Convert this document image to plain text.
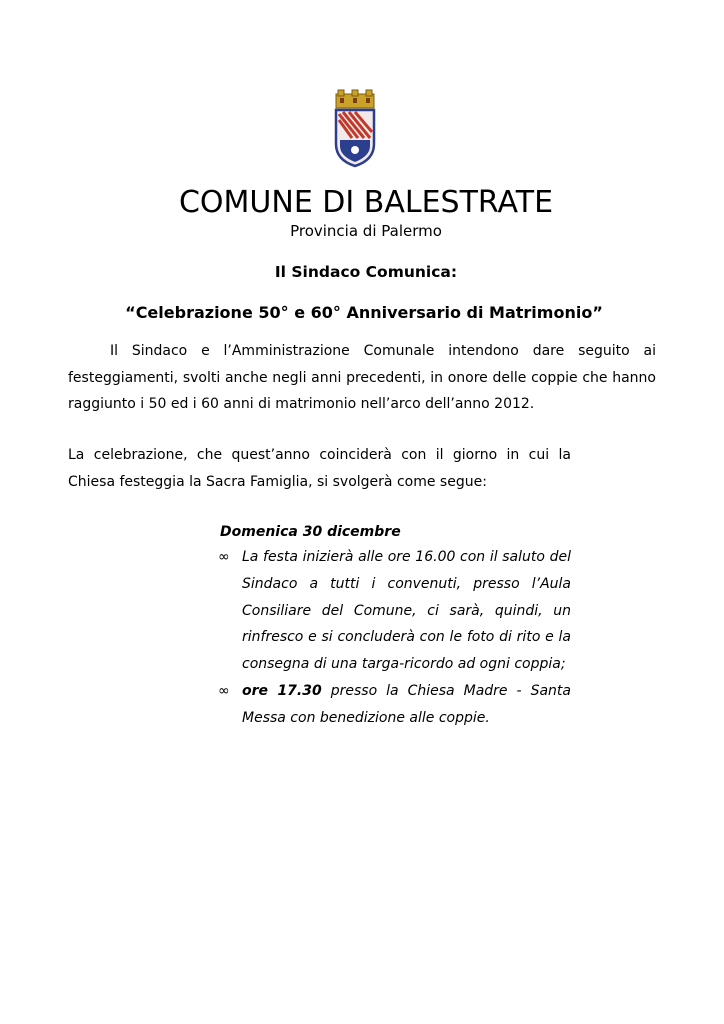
COMUNE DI BALESTRATE
Provincia di Palermo
Il Sindaco Comunica:
“Celebrazione 50° e 60° Anniversario di Matrimonio”
Il Sindaco e l’Amministrazione Comunale intendono dare seguito ai festeggiamenti, svolti anche negli anni precedenti, in onore delle coppie che hanno raggiunto i 50 ed i 60 anni di matrimonio nell’arco dell’anno 2012.
La celebrazione, che quest’anno coinciderà con il giorno in cui la Chiesa festeggia la Sacra Famiglia, si svolgerà come segue:
Domenica 30 dicembre
∞ La festa inizierà alle ore 16.00 con il saluto del Sindaco a tutti i convenuti, presso l’Aula Consiliare del Comune, ci sarà, quindi, un rinfresco e si concluderà con le foto di rito e la consegna di una targa-ricordo ad ogni coppia;
∞ ore 17.30 presso la Chiesa Madre - Santa Messa con benedizione alle coppie.
